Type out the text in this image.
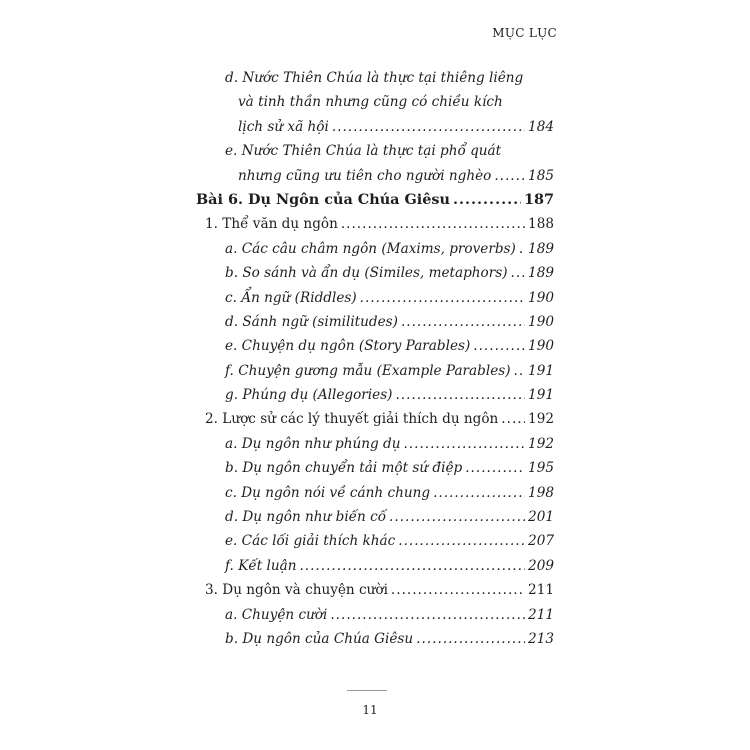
MỤC LỤC
d. Nước Thiên Chúa là thực tại thiêng liêng
và tinh thần nhưng cũng có chiều kích
lịch sử xã hội .....	184
e. Nước Thiên Chúa là thực tại phổ quát
nhưng cũng ưu tiên cho người nghèo .....	185
Bài 6. Dụ Ngôn của Chúa Giêsu .....	187
1. Thể văn dụ ngôn .....	188
a. Các câu châm ngôn (Maxims, proverbs) ..... 189
b. So sánh và ẩn dụ (Similes, metaphors) ..... 189
c. Ẩn ngữ (Riddles) .....	190
d. Sánh ngữ (similitudes) .....	190
e. Chuyện dụ ngôn (Story Parables) .....	190
f. Chuyện gương mẫu (Example Parables) ..... 191
g. Phúng dụ (Allegories) .....	191
2. Lược sử các lý thuyết giải thích dụ ngôn ..... 192
a. Dụ ngôn như phúng dụ .....	192
b. Dụ ngôn chuyển tải một sứ điệp .....	195
c. Dụ ngôn nói về cánh chung .....	198
d. Dụ ngôn như biến cố .....	201
e. Các lối giải thích khác .....	207
f. Kết luận .....	209
3. Dụ ngôn và chuyện cười .....	211
a. Chuyện cười .....	211
b. Dụ ngôn của Chúa Giêsu .....	213
11
